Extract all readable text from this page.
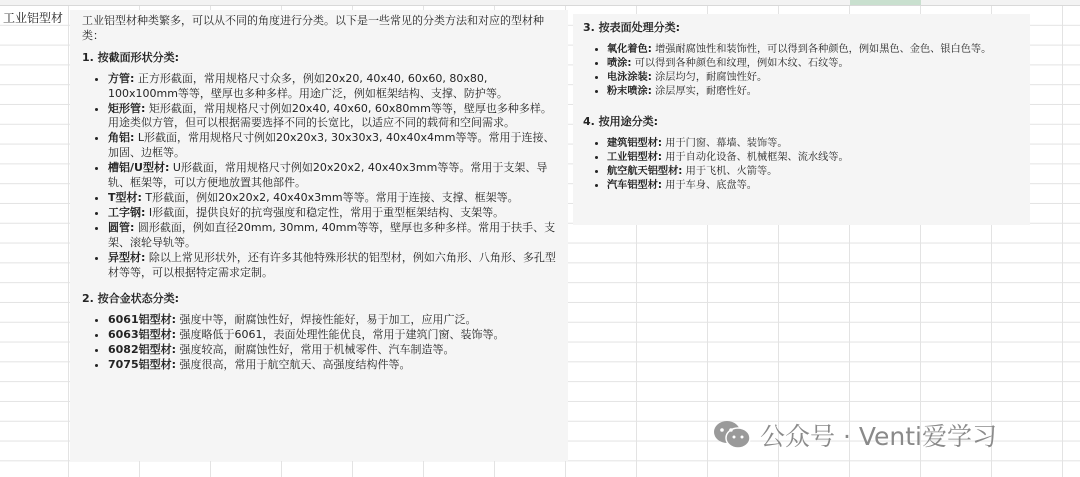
工业铝型材 工业铝型材种类繁多，可以从不同的角度进行分类。以下是一些常见的分类方法和对应的型材种类：
1. 按截面形状分类:
• 方管: 正方形截面，常用规格尺寸众多，例如20x20, 40x40, 60x60, 80x80, 100x100mm等等，壁厚也多种多样。用途广泛，例如框架结构、支撑、防护等。
• 矩形管: 矩形截面，常用规格尺寸例如20x40, 40x60, 60x80mm等等，壁厚也多种多样。用途类似方管，但可以根据需要选择不同的长宽比，以适应不同的载荷和空间需求。
• 角铝: L形截面，常用规格尺寸例如20x20x3, 30x30x3, 40x40x4mm等等。常用于连接、加固、边框等。
• 槽铝/U型材: U形截面，常用规格尺寸例如20x20x2, 40x40x3mm等等。常用于支架、导轨、框架等，可以方便地放置其他部件。
• T型材: T形截面，例如20x20x2, 40x40x3mm等等。常用于连接、支撑、框架等。
• 工字钢: I形截面，提供良好的抗弯强度和稳定性，常用于重型框架结构、支架等。
• 圆管: 圆形截面，例如直径20mm, 30mm, 40mm等等，壁厚也多种多样。常用于扶手、支架、滚轮导轨等。
• 异型材: 除以上常见形状外，还有许多其他特殊形状的铝型材，例如六角形、八角形、多孔型材等等，可以根据特定需求定制。
2. 按合金状态分类:
• 6061铝型材: 强度中等，耐腐蚀性好，焊接性能好，易于加工，应用广泛。
• 6063铝型材: 强度略低于6061，表面处理性能优良，常用于建筑门窗、装饰等。
• 6082铝型材: 强度较高，耐腐蚀性好，常用于机械零件、汽车制造等。
• 7075铝型材: 强度很高，常用于航空航天、高强度结构件等。
3. 按表面处理分类:
• 氧化着色: 增强耐腐蚀性和装饰性，可以得到各种颜色，例如黑色、金色、银白色等。
• 喷涂: 可以得到各种颜色和纹理，例如木纹、石纹等。
• 电泳涂装: 涂层均匀，耐腐蚀性好。
• 粉末喷涂: 涂层厚实，耐磨性好。
4. 按用途分类:
• 建筑铝型材: 用于门窗、幕墙、装饰等。
• 工业铝型材: 用于自动化设备、机械框架、流水线等。
• 航空航天铝型材: 用于飞机、火箭等。
• 汽车铝型材: 用于车身、底盘等。
公众号 · Venti爱学习
